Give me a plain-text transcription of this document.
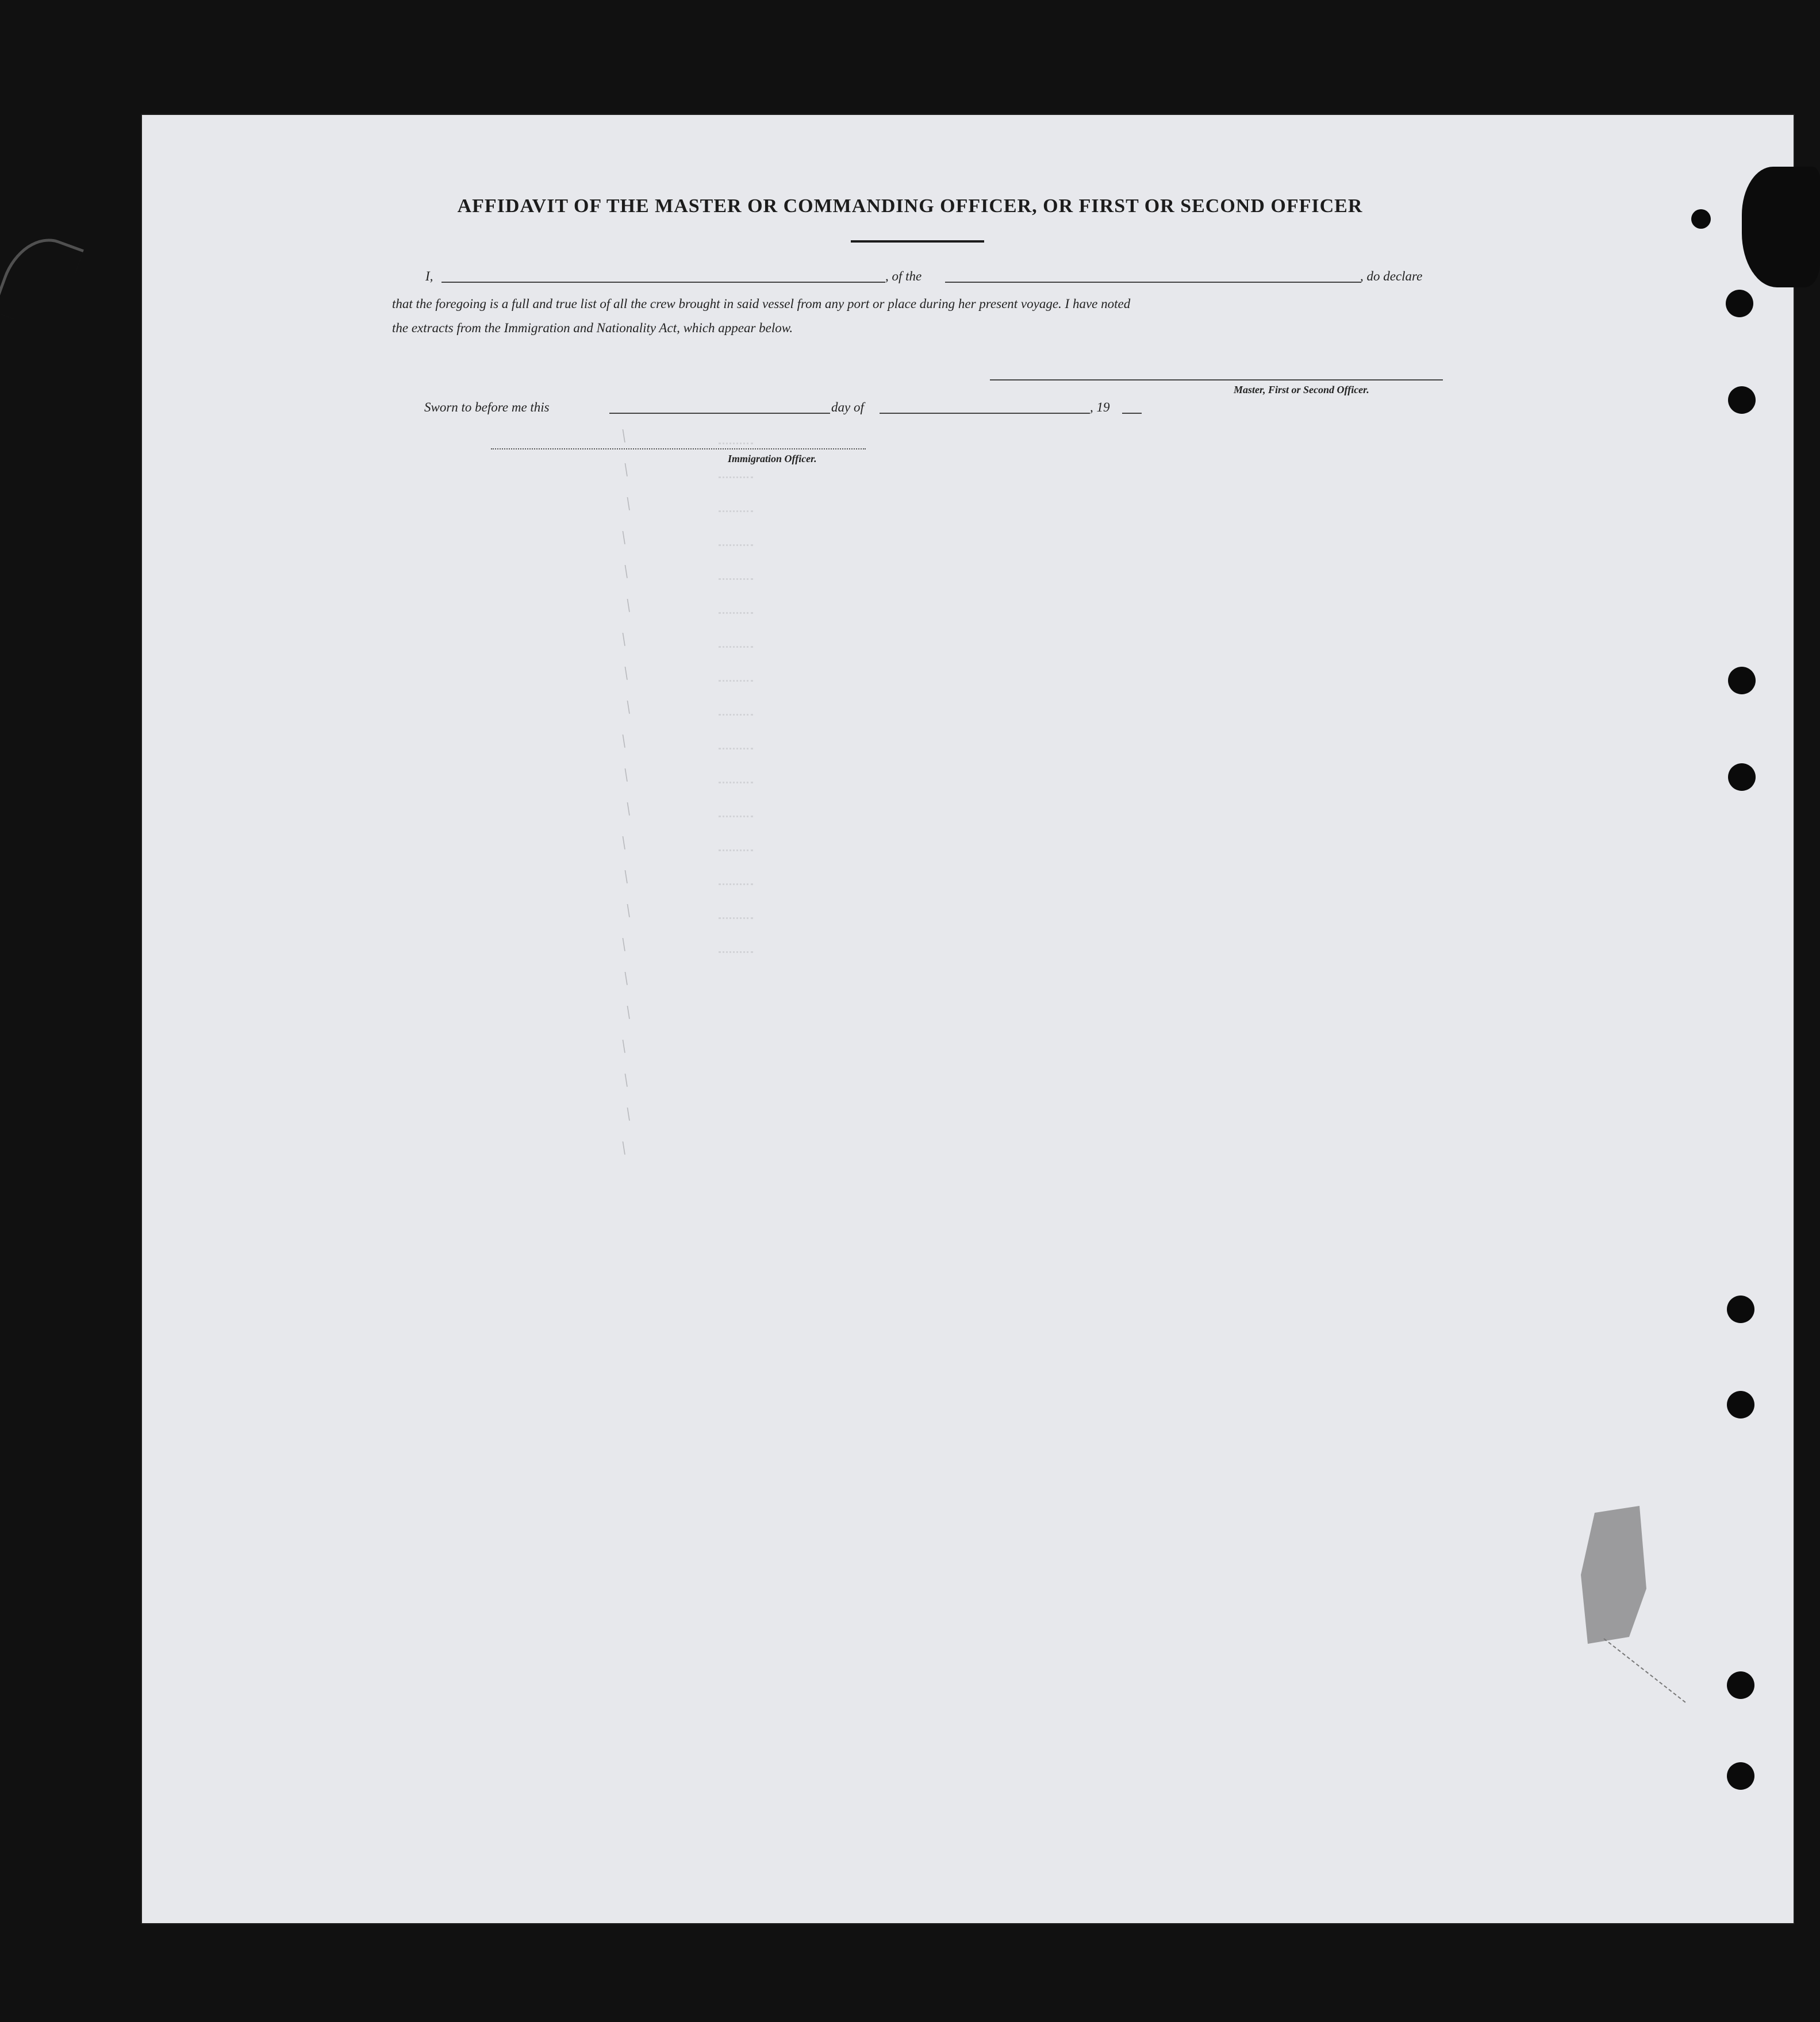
\
\
\
\
\
\
\
\
\
\
\
\
\
\
\
\
\
\
\
\
\
\
AFFIDAVIT OF THE MASTER OR COMMANDING OFFICER, OR FIRST OR SECOND OFFICER
I,	, of the	, do declare
that the foregoing is a full and true list of all the crew brought in said vessel from any port or place during her present voyage. I have noted
the extracts from the Immigration and Nationality Act, which appear below.
Master, First or Second Officer.
Sworn to before me this	day of	, 19
Immigration Officer.
